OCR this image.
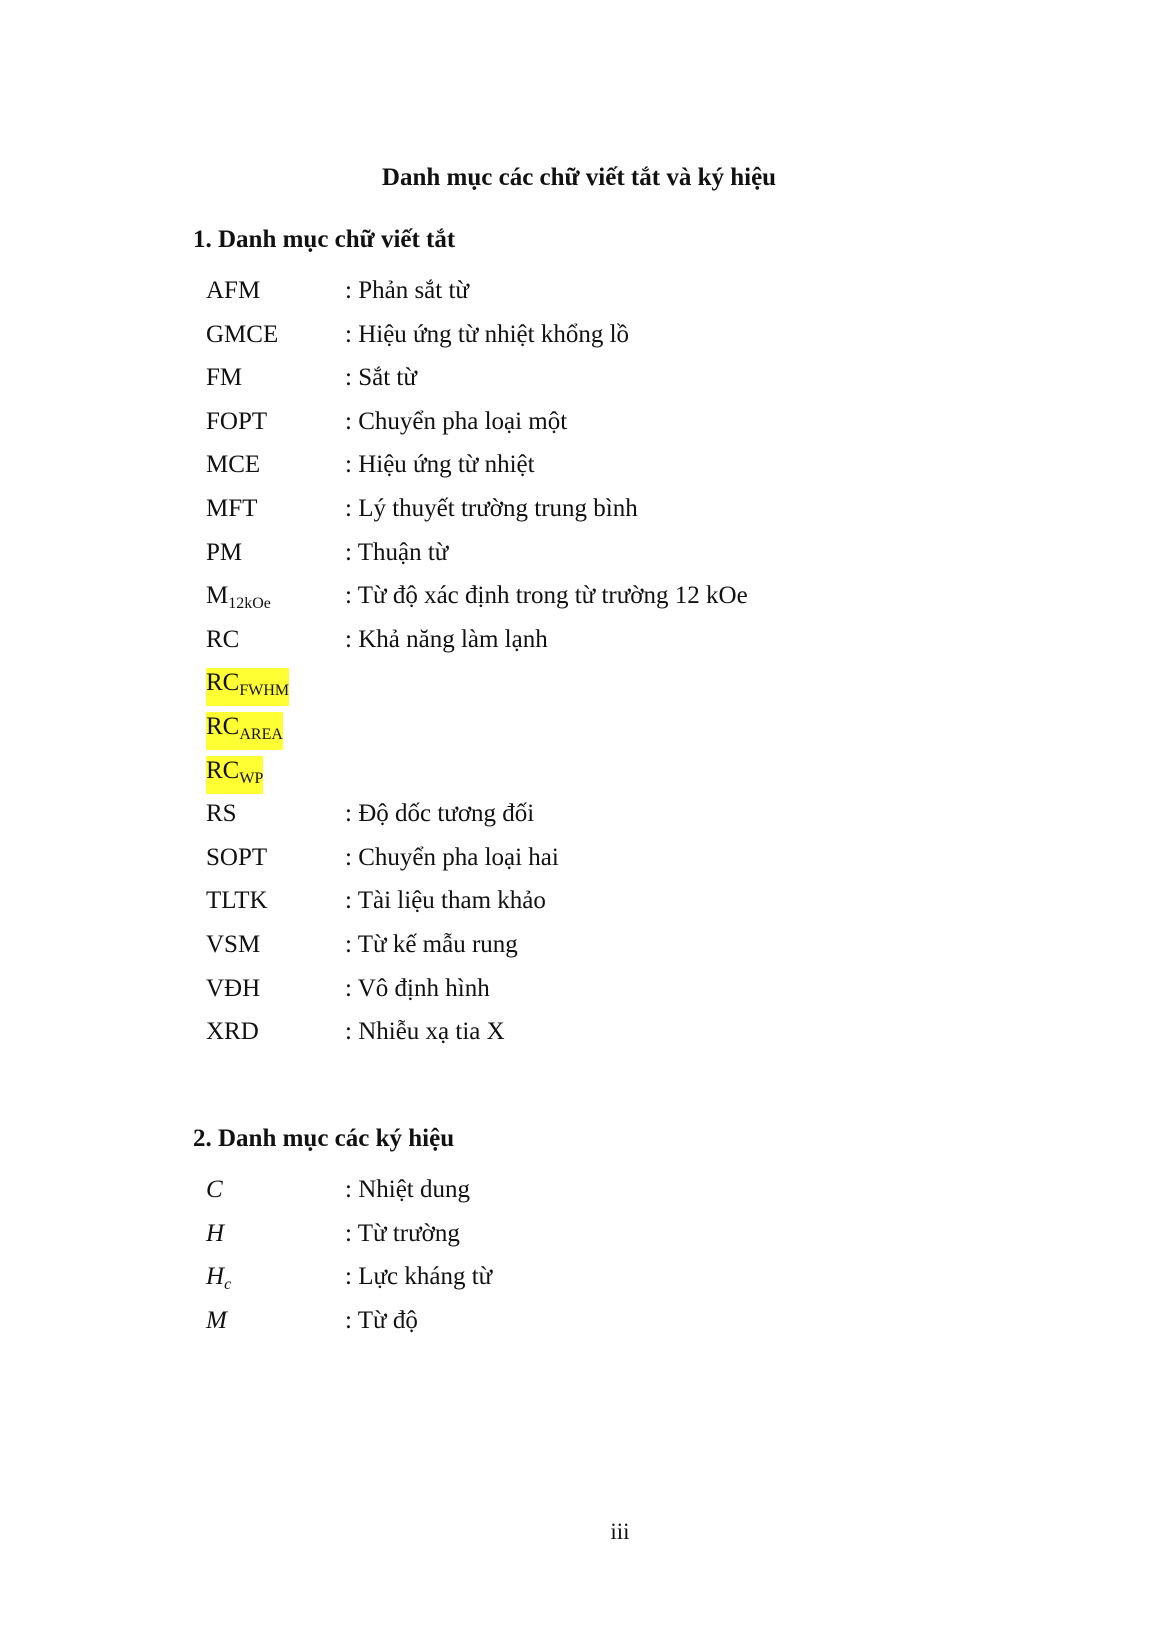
Danh mục các chữ viết tắt và ký hiệu
1. Danh mục chữ viết tắt
AFM	: Phản sắt từ
GMCE	: Hiệu ứng từ nhiệt khổng lồ
FM	: Sắt từ
FOPT	: Chuyển pha loại một
MCE	: Hiệu ứng từ nhiệt
MFT	: Lý thuyết trường trung bình
PM	: Thuận từ
$M_{12kOe}$	: Từ độ xác định trong từ trường 12 kOe
RC	: Khả năng làm lạnh
$RC_{FWHM}$
$RC_{AREA}$
$RC_{WP}$
RS	: Độ dốc tương đối
SOPT	: Chuyển pha loại hai
TLTK	: Tài liệu tham khảo
VSM	: Từ kế mẫu rung
VĐH	: Vô định hình
XRD	: Nhiễu xạ tia X
2. Danh mục các ký hiệu
C	: Nhiệt dung
H	: Từ trường
$H_c$	: Lực kháng từ
M	: Từ độ
iii
